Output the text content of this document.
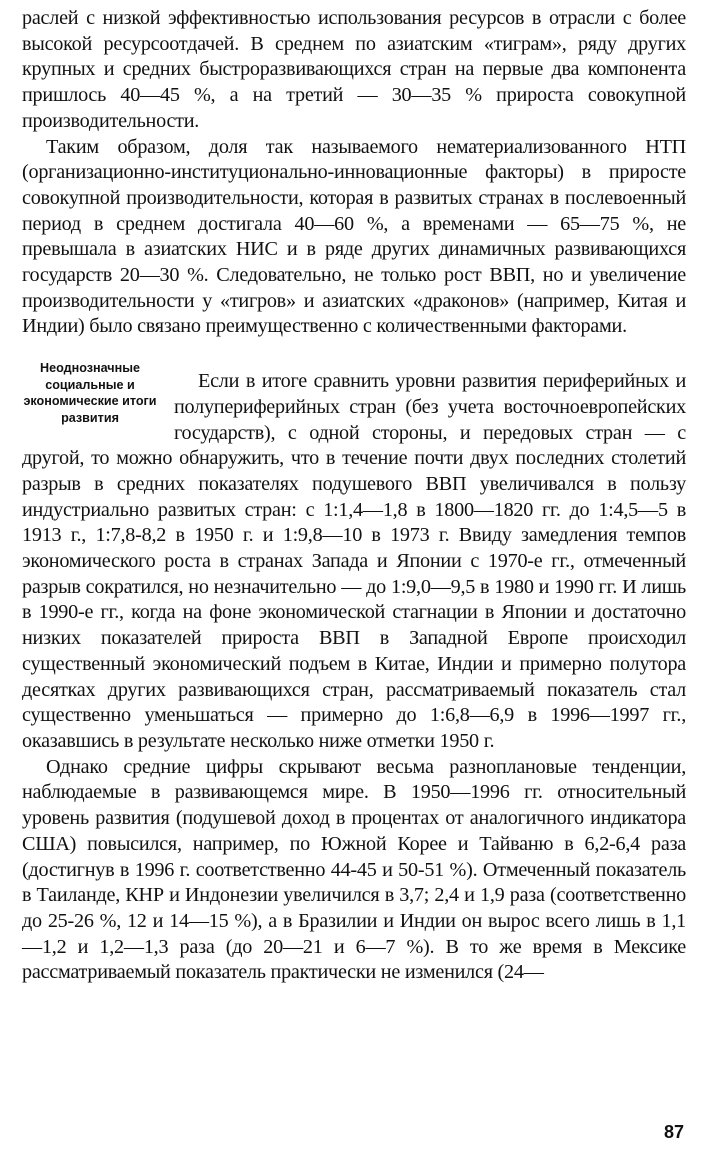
раслей с низкой эффективностью использования ресурсов в отрасли с более высокой ресурсоотдачей. В среднем по азиатским «тиграм», ряду других крупных и средних быстроразвивающихся стран на первые два компонента пришлось 40—45 %, а на третий — 30—35 % прироста совокупной производительности.

Таким образом, доля так называемого нематериализованного НТП (организационно-институционально-инновационные факторы) в приросте совокупной производительности, которая в развитых странах в послевоенный период в среднем достигала 40—60 %, а временами — 65—75 %, не превышала в азиатских НИС и в ряде других динамичных развивающихся государств 20—30 %. Следовательно, не только рост ВВП, но и увеличение производительности у «тигров» и азиатских «драконов» (например, Китая и Индии) было связано преимущественно с количественными факторами.

Неоднозначные социальные и экономические итоги развития

Если в итоге сравнить уровни развития периферийных и полупериферийных стран (без учета восточноевропейских государств), с одной стороны, и передовых стран — с другой, то можно обнаружить, что в течение почти двух последних столетий разрыв в средних показателях подушевого ВВП увеличивался в пользу индустриально развитых стран: с 1:1,4—1,8 в 1800—1820 гг. до 1:4,5—5 в 1913 г., 1:7,8-8,2 в 1950 г. и 1:9,8—10 в 1973 г. Ввиду замедления темпов экономического роста в странах Запада и Японии с 1970-е гг., отмеченный разрыв сократился, но незначительно — до 1:9,0—9,5 в 1980 и 1990 гг. И лишь в 1990-е гг., когда на фоне экономической стагнации в Японии и достаточно низких показателей прироста ВВП в Западной Европе происходил существенный экономический подъем в Китае, Индии и примерно полутора десятках других развивающихся стран, рассматриваемый показатель стал существенно уменьшаться — примерно до 1:6,8—6,9 в 1996—1997 гг., оказавшись в результате несколько ниже отметки 1950 г.

Однако средние цифры скрывают весьма разноплановые тенденции, наблюдаемые в развивающемся мире. В 1950—1996 гг. относительный уровень развития (подушевой доход в процентах от аналогичного индикатора США) повысился, например, по Южной Корее и Тайваню в 6,2-6,4 раза (достигнув в 1996 г. соответственно 44-45 и 50-51 %). Отмеченный показатель в Таиланде, КНР и Индонезии увеличился в 3,7; 2,4 и 1,9 раза (соответственно до 25-26 %, 12 и 14—15 %), а в Бразилии и Индии он вырос всего лишь в 1,1—1,2 и 1,2—1,3 раза (до 20—21 и 6—7 %). В то же время в Мексике рассматриваемый показатель практически не изменился (24—

87
